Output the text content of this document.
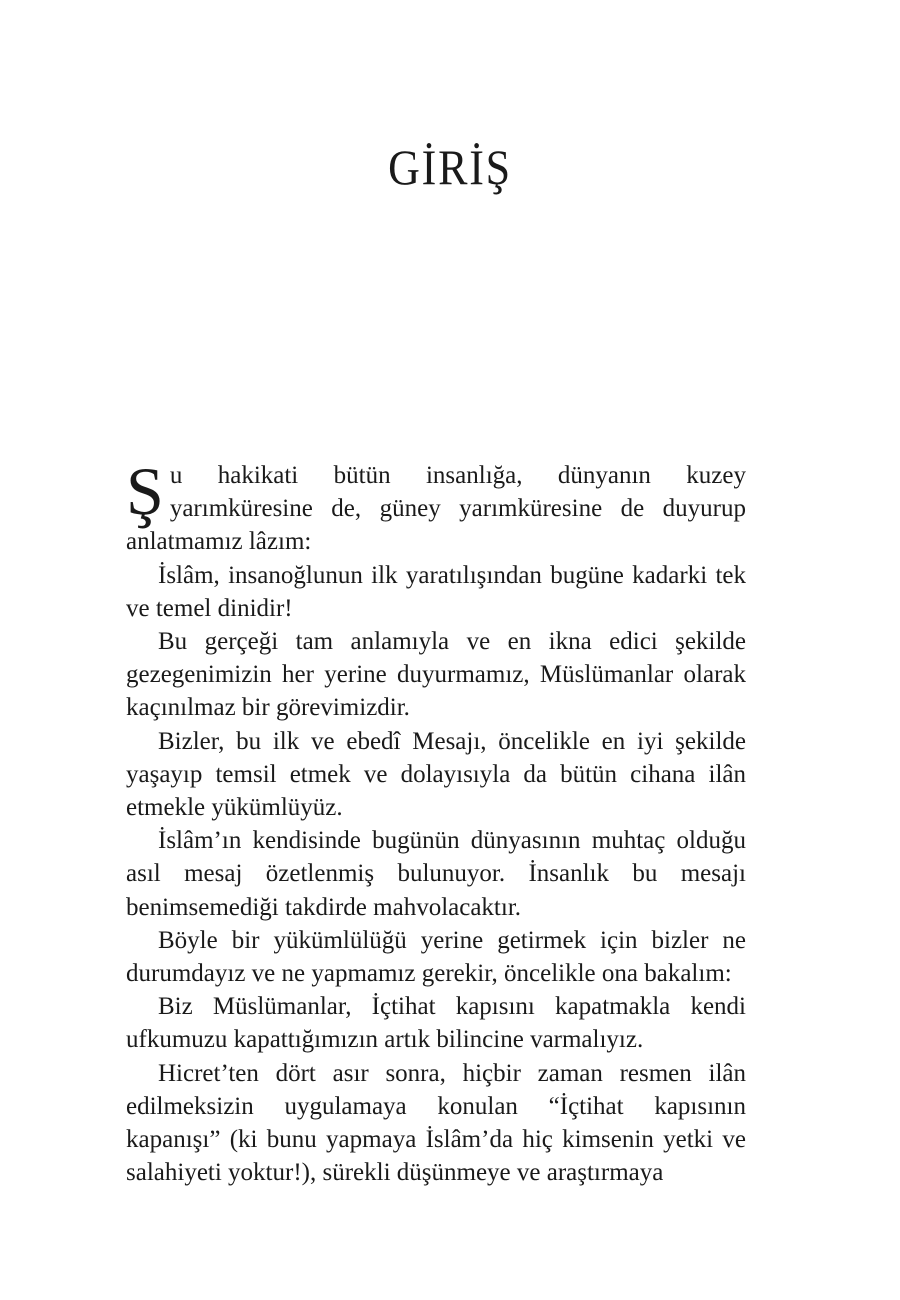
GİRİŞ

Şu hakikati bütün insanlığa, dünyanın kuzey yarımküresine de, güney yarımküresine de duyurup anlatmamız lâzım:

İslâm, insanoğlunun ilk yaratılışından bugüne kadarki tek ve temel dinidir!

Bu gerçeği tam anlamıyla ve en ikna edici şekilde gezegenimizin her yerine duyurmamız, Müslümanlar olarak kaçınılmaz bir görevimizdir.

Bizler, bu ilk ve ebedî Mesajı, öncelikle en iyi şekilde yaşayıp temsil etmek ve dolayısıyla da bütün cihana ilân etmekle yükümlüyüz.

İslâm’ın kendisinde bugünün dünyasının muhtaç olduğu asıl mesaj özetlenmiş bulunuyor. İnsanlık bu mesajı benimsemediği takdirde mahvolacaktır.

Böyle bir yükümlülüğü yerine getirmek için bizler ne durumdayız ve ne yapmamız gerekir, öncelikle ona bakalım:

Biz Müslümanlar, İçtihat kapısını kapatmakla kendi ufkumuzu kapattığımızın artık bilincine varmalıyız.

Hicret’ten dört asır sonra, hiçbir zaman resmen ilân edilmeksizin uygulamaya konulan “İçtihat kapısının kapanışı” (ki bunu yapmaya İslâm’da hiç kimsenin yetki ve salahiyeti yoktur!), sürekli düşünmeye ve araştırmaya
